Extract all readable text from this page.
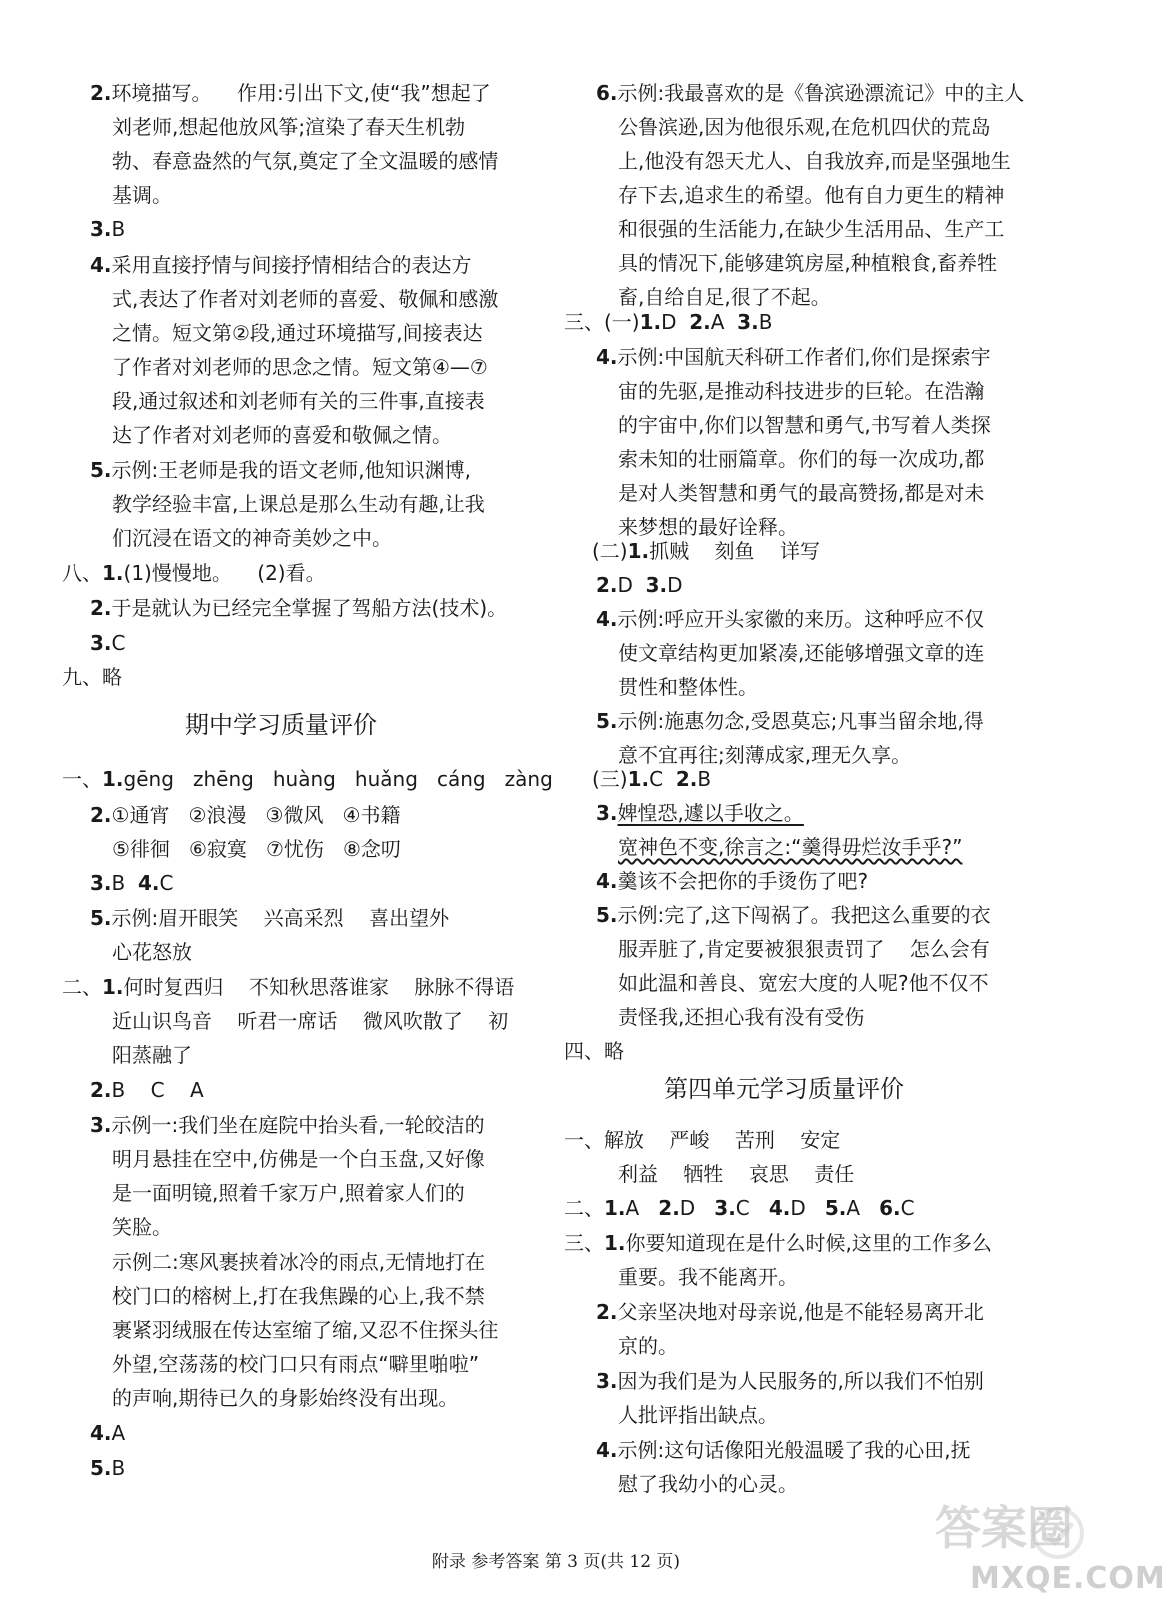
2.环境描写。    作用:引出下文,使“我”想起了
刘老师,想起他放风筝;渲染了春天生机勃
勃、春意盎然的气氛,奠定了全文温暖的感情
基调。
3.B
4.采用直接抒情与间接抒情相结合的表达方
式,表达了作者对刘老师的喜爱、敬佩和感激
之情。短文第②段,通过环境描写,间接表达
了作者对刘老师的思念之情。短文第④—⑦
段,通过叙述和刘老师有关的三件事,直接表
达了作者对刘老师的喜爱和敬佩之情。
5.示例:王老师是我的语文老师,他知识渊博,
教学经验丰富,上课总是那么生动有趣,让我
们沉浸在语文的神奇美妙之中。
八、1.(1)慢慢地。    (2)看。
2.于是就认为已经完全掌握了驾船方法(技术)。
3.C
九、略
期中学习质量评价
一、1.gēng   zhēng   huàng   huǎng   cáng   zàng
2.①通宵   ②浪漫   ③微风   ④书籍
⑤徘徊   ⑥寂寞   ⑦忧伤   ⑧念叨
3.B  4.C
5.示例:眉开眼笑    兴高采烈    喜出望外
心花怒放
二、1.何时复西归    不知秋思落谁家    脉脉不得语
近山识鸟音    听君一席话    微风吹散了    初
阳蒸融了
2.B    C    A
3.示例一:我们坐在庭院中抬头看,一轮皎洁的
明月悬挂在空中,仿佛是一个白玉盘,又好像
是一面明镜,照着千家万户,照着家人们的
笑脸。
示例二:寒风裹挟着冰冷的雨点,无情地打在
校门口的榕树上,打在我焦躁的心上,我不禁
裹紧羽绒服在传达室缩了缩,又忍不住探头往
外望,空荡荡的校门口只有雨点“噼里啪啦”
的声响,期待已久的身影始终没有出现。
4.A
5.B
6.示例:我最喜欢的是《鲁滨逊漂流记》中的主人
公鲁滨逊,因为他很乐观,在危机四伏的荒岛
上,他没有怨天尤人、自我放弃,而是坚强地生
存下去,追求生的希望。他有自力更生的精神
和很强的生活能力,在缺少生活用品、生产工
具的情况下,能够建筑房屋,种植粮食,畜养牲
畜,自给自足,很了不起。
三、(一)1.D  2.A  3.B
4.示例:中国航天科研工作者们,你们是探索宇
宙的先驱,是推动科技进步的巨轮。在浩瀚
的宇宙中,你们以智慧和勇气,书写着人类探
索未知的壮丽篇章。你们的每一次成功,都
是对人类智慧和勇气的最高赞扬,都是对未
来梦想的最好诠释。
(二)1.抓贼    刻鱼    详写
2.D  3.D
4.示例:呼应开头家徽的来历。这种呼应不仅
使文章结构更加紧凑,还能够增强文章的连
贯性和整体性。
5.示例:施惠勿念,受恩莫忘;凡事当留余地,得
意不宜再往;刻薄成家,理无久享。
(三)1.C  2.B
3.婢惶恐,遽以手收之。
宽神色不变,徐言之:“羹得毋烂汝手乎?”
4.羹该不会把你的手烫伤了吧?
5.示例:完了,这下闯祸了。我把这么重要的衣
服弄脏了,肯定要被狠狠责罚了    怎么会有
如此温和善良、宽宏大度的人呢?他不仅不
责怪我,还担心我有没有受伤
四、略
第四单元学习质量评价
一、解放    严峻    苦刑    安定
利益    牺牲    哀思    责任
二、1.A   2.D   3.C   4.D   5.A   6.C
三、1.你要知道现在是什么时候,这里的工作多么
重要。我不能离开。
2.父亲坚决地对母亲说,他是不能轻易离开北
京的。
3.因为我们是为人民服务的,所以我们不怕别
人批评指出缺点。
4.示例:这句话像阳光般温暖了我的心田,抚
慰了我幼小的心灵。
附录 参考答案 第 3 页(共 12 页)
答案圈
MXQE.COM
